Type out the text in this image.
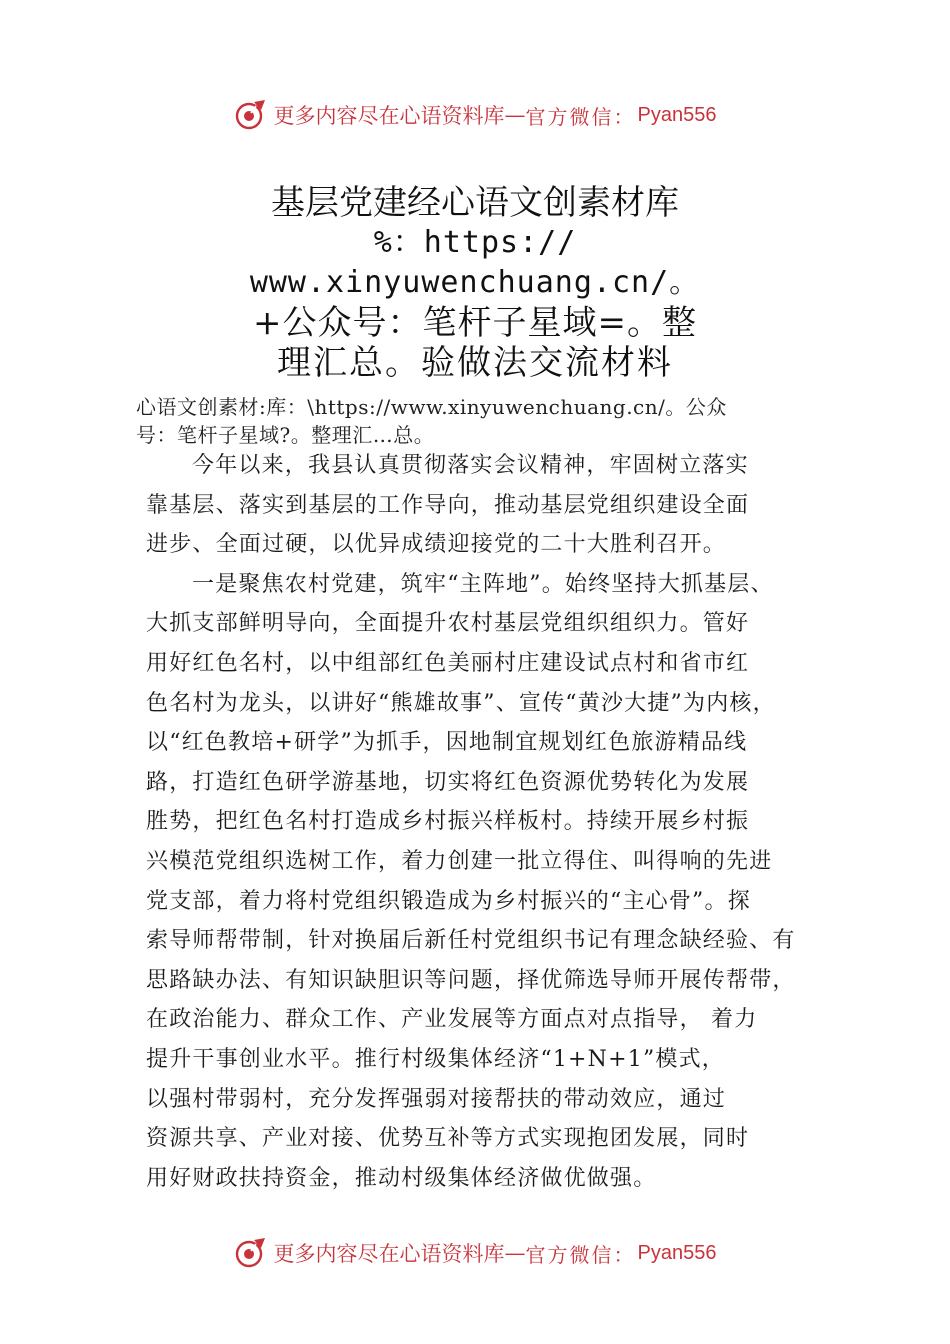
更多内容尽在心语资料库 — 官方微信： Pyan556
基层党建经心语文创素材库
%：https://
www.xinyuwenchuang.cn/。
+公众号：笔杆子星域=。整
理汇总。验做法交流材料
心语文创素材:库：\https://www.xinyuwenchuang.cn/。公众
号：笔杆子星域?。整理汇…总。

今年以来，我县认真贯彻落实会议精神，牢固树立落实
靠基层、落实到基层的工作导向，推动基层党组织建设全面
进步、全面过硬，以优异成绩迎接党的二十大胜利召开。

一是聚焦农村党建，筑牢“主阵地”。始终坚持大抓基层、
大抓支部鲜明导向，全面提升农村基层党组织组织力。管好
用好红色名村，以中组部红色美丽村庄建设试点村和省市红
色名村为龙头，以讲好“熊雄故事”、宣传“黄沙大捷”为内核，
以“红色教培+研学”为抓手，因地制宜规划红色旅游精品线
路，打造红色研学游基地，切实将红色资源优势转化为发展
胜势，把红色名村打造成乡村振兴样板村。持续开展乡村振
兴模范党组织选树工作，着力创建一批立得住、叫得响的先进
党支部，着力将村党组织锻造成为乡村振兴的“主心骨”。探
索导师帮带制，针对换届后新任村党组织书记有理念缺经验、有
思路缺办法、有知识缺胆识等问题，择优筛选导师开展传帮带，
在政治能力、群众工作、产业发展等方面点对点指导， 着力
提升干事创业水平。推行村级集体经济“1+N+1”模式，
以强村带弱村，充分发挥强弱对接帮扶的带动效应，通过
资源共享、产业对接、优势互补等方式实现抱团发展，同时
用好财政扶持资金，推动村级集体经济做优做强。

更多内容尽在心语资料库 — 官方微信： Pyan556
